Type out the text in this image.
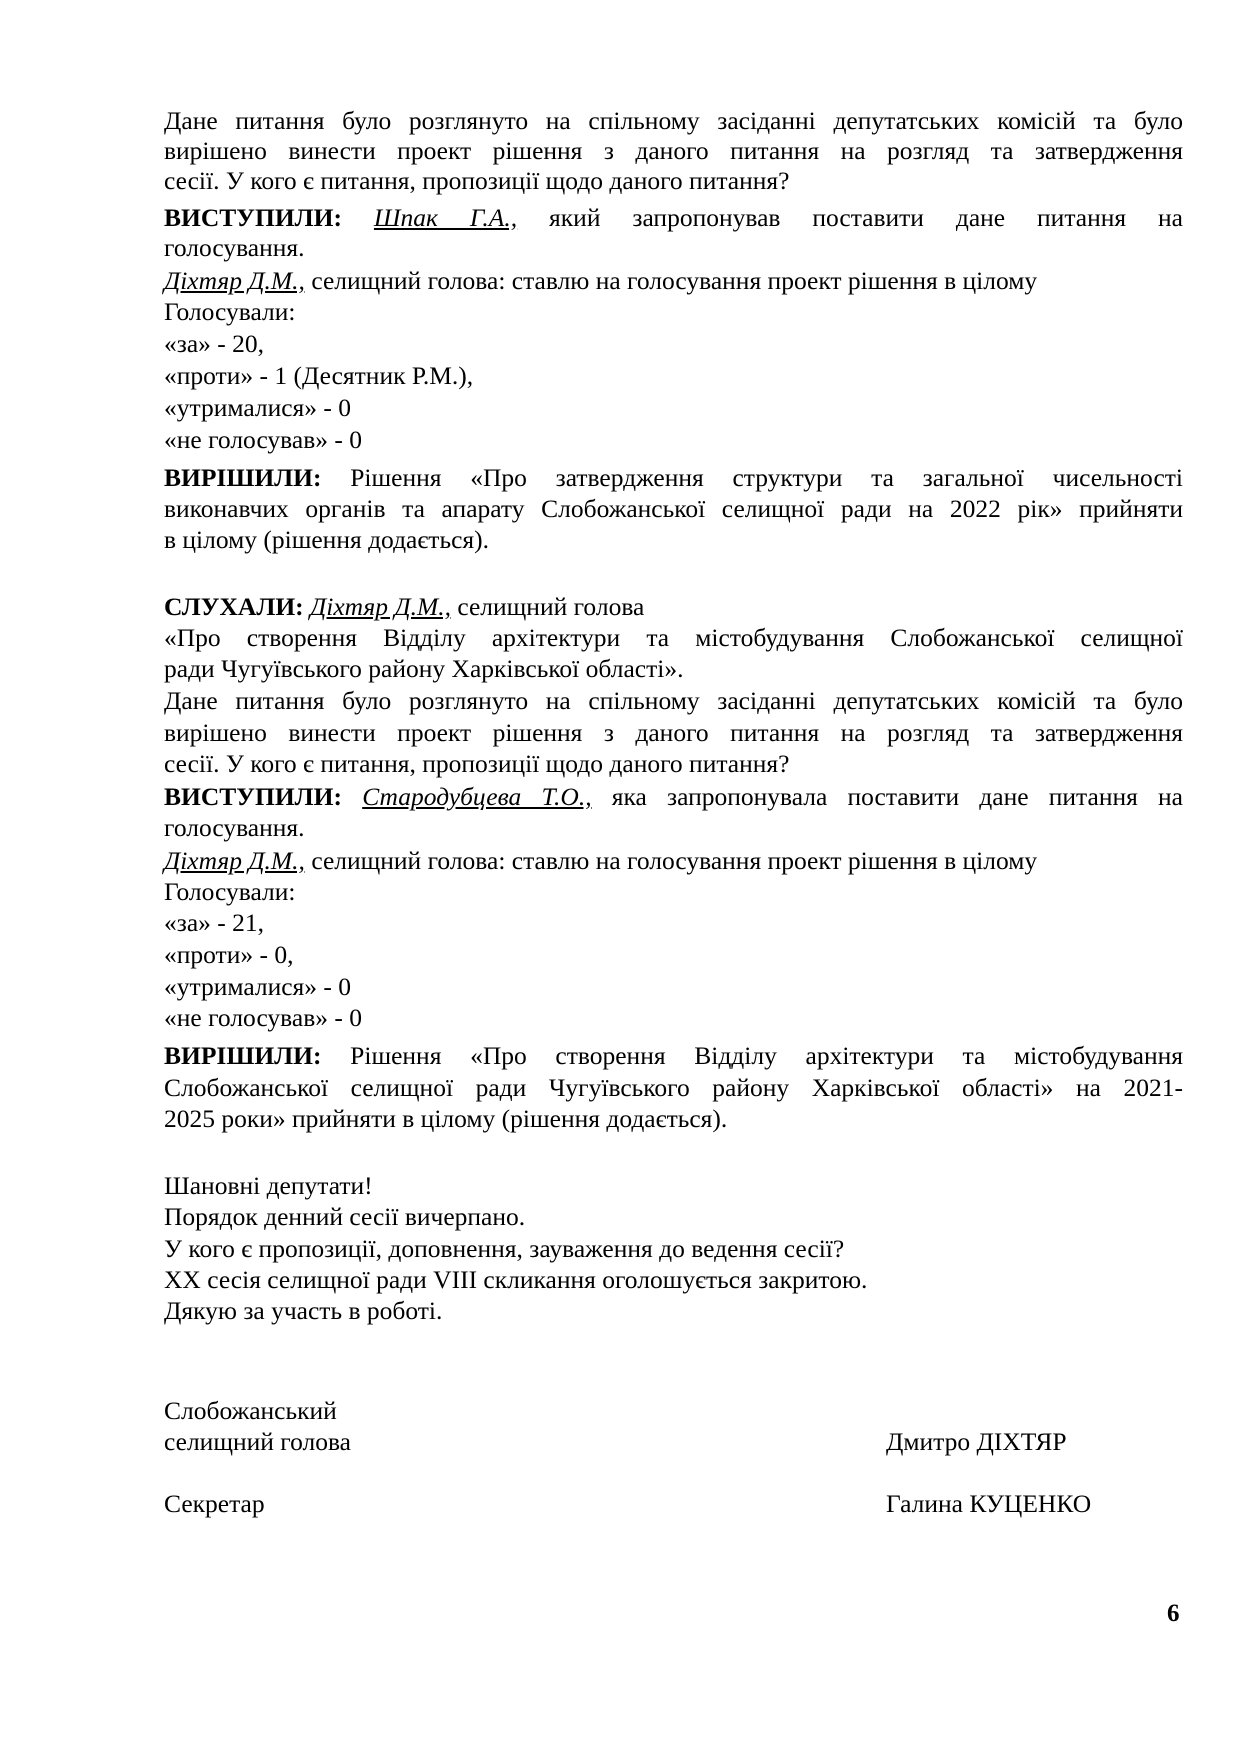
Дане питання було розглянуто на спільному засіданні депутатських комісій та було

вирішено винести проект рішення з даного питання на розгляд та затвердження

сесії. У кого є питання, пропозиції щодо даного питання?

ВИСТУПИЛИ: Шпак Г.А., який запропонував поставити дане питання на

голосування.

Діхтяр Д.М., селищний голова: ставлю на голосування проект рішення в цілому

Голосували:

«за» - 20,

«проти» - 1 (Десятник Р.М.),

«утрималися» - 0

«не голосував» - 0

ВИРІШИЛИ: Рішення «Про затвердження структури та загальної чисельності

виконавчих органів та апарату Слобожанської селищної ради на 2022 рік» прийняти

в цілому (рішення додається).

СЛУХАЛИ: Діхтяр Д.М., селищний голова

«Про створення Відділу архітектури та містобудування Слобожанської селищної

ради Чугуївського району Харківської області».

Дане питання було розглянуто на спільному засіданні депутатських комісій та було

вирішено винести проект рішення з даного питання на розгляд та затвердження

сесії. У кого є питання, пропозиції щодо даного питання?

ВИСТУПИЛИ: Стародубцева Т.О., яка запропонувала поставити дане питання на

голосування.

Діхтяр Д.М., селищний голова: ставлю на голосування проект рішення в цілому

Голосували:

«за» - 21,

«проти» - 0,

«утрималися» - 0

«не голосував» - 0

ВИРІШИЛИ: Рішення «Про створення Відділу архітектури та містобудування

Слобожанської селищної ради Чугуївського району Харківської області» на 2021-

2025 роки» прийняти в цілому (рішення додається).

Шановні депутати!

Порядок денний сесії вичерпано.

У кого є пропозиції, доповнення, зауваження до ведення сесії?

ХХ сесія селищної ради VIII скликання оголошується закритою.

Дякую за участь в роботі.

Слобожанський

селищний голова	Дмитро ДІХТЯР

Секретар	Галина КУЦЕНКО
6
